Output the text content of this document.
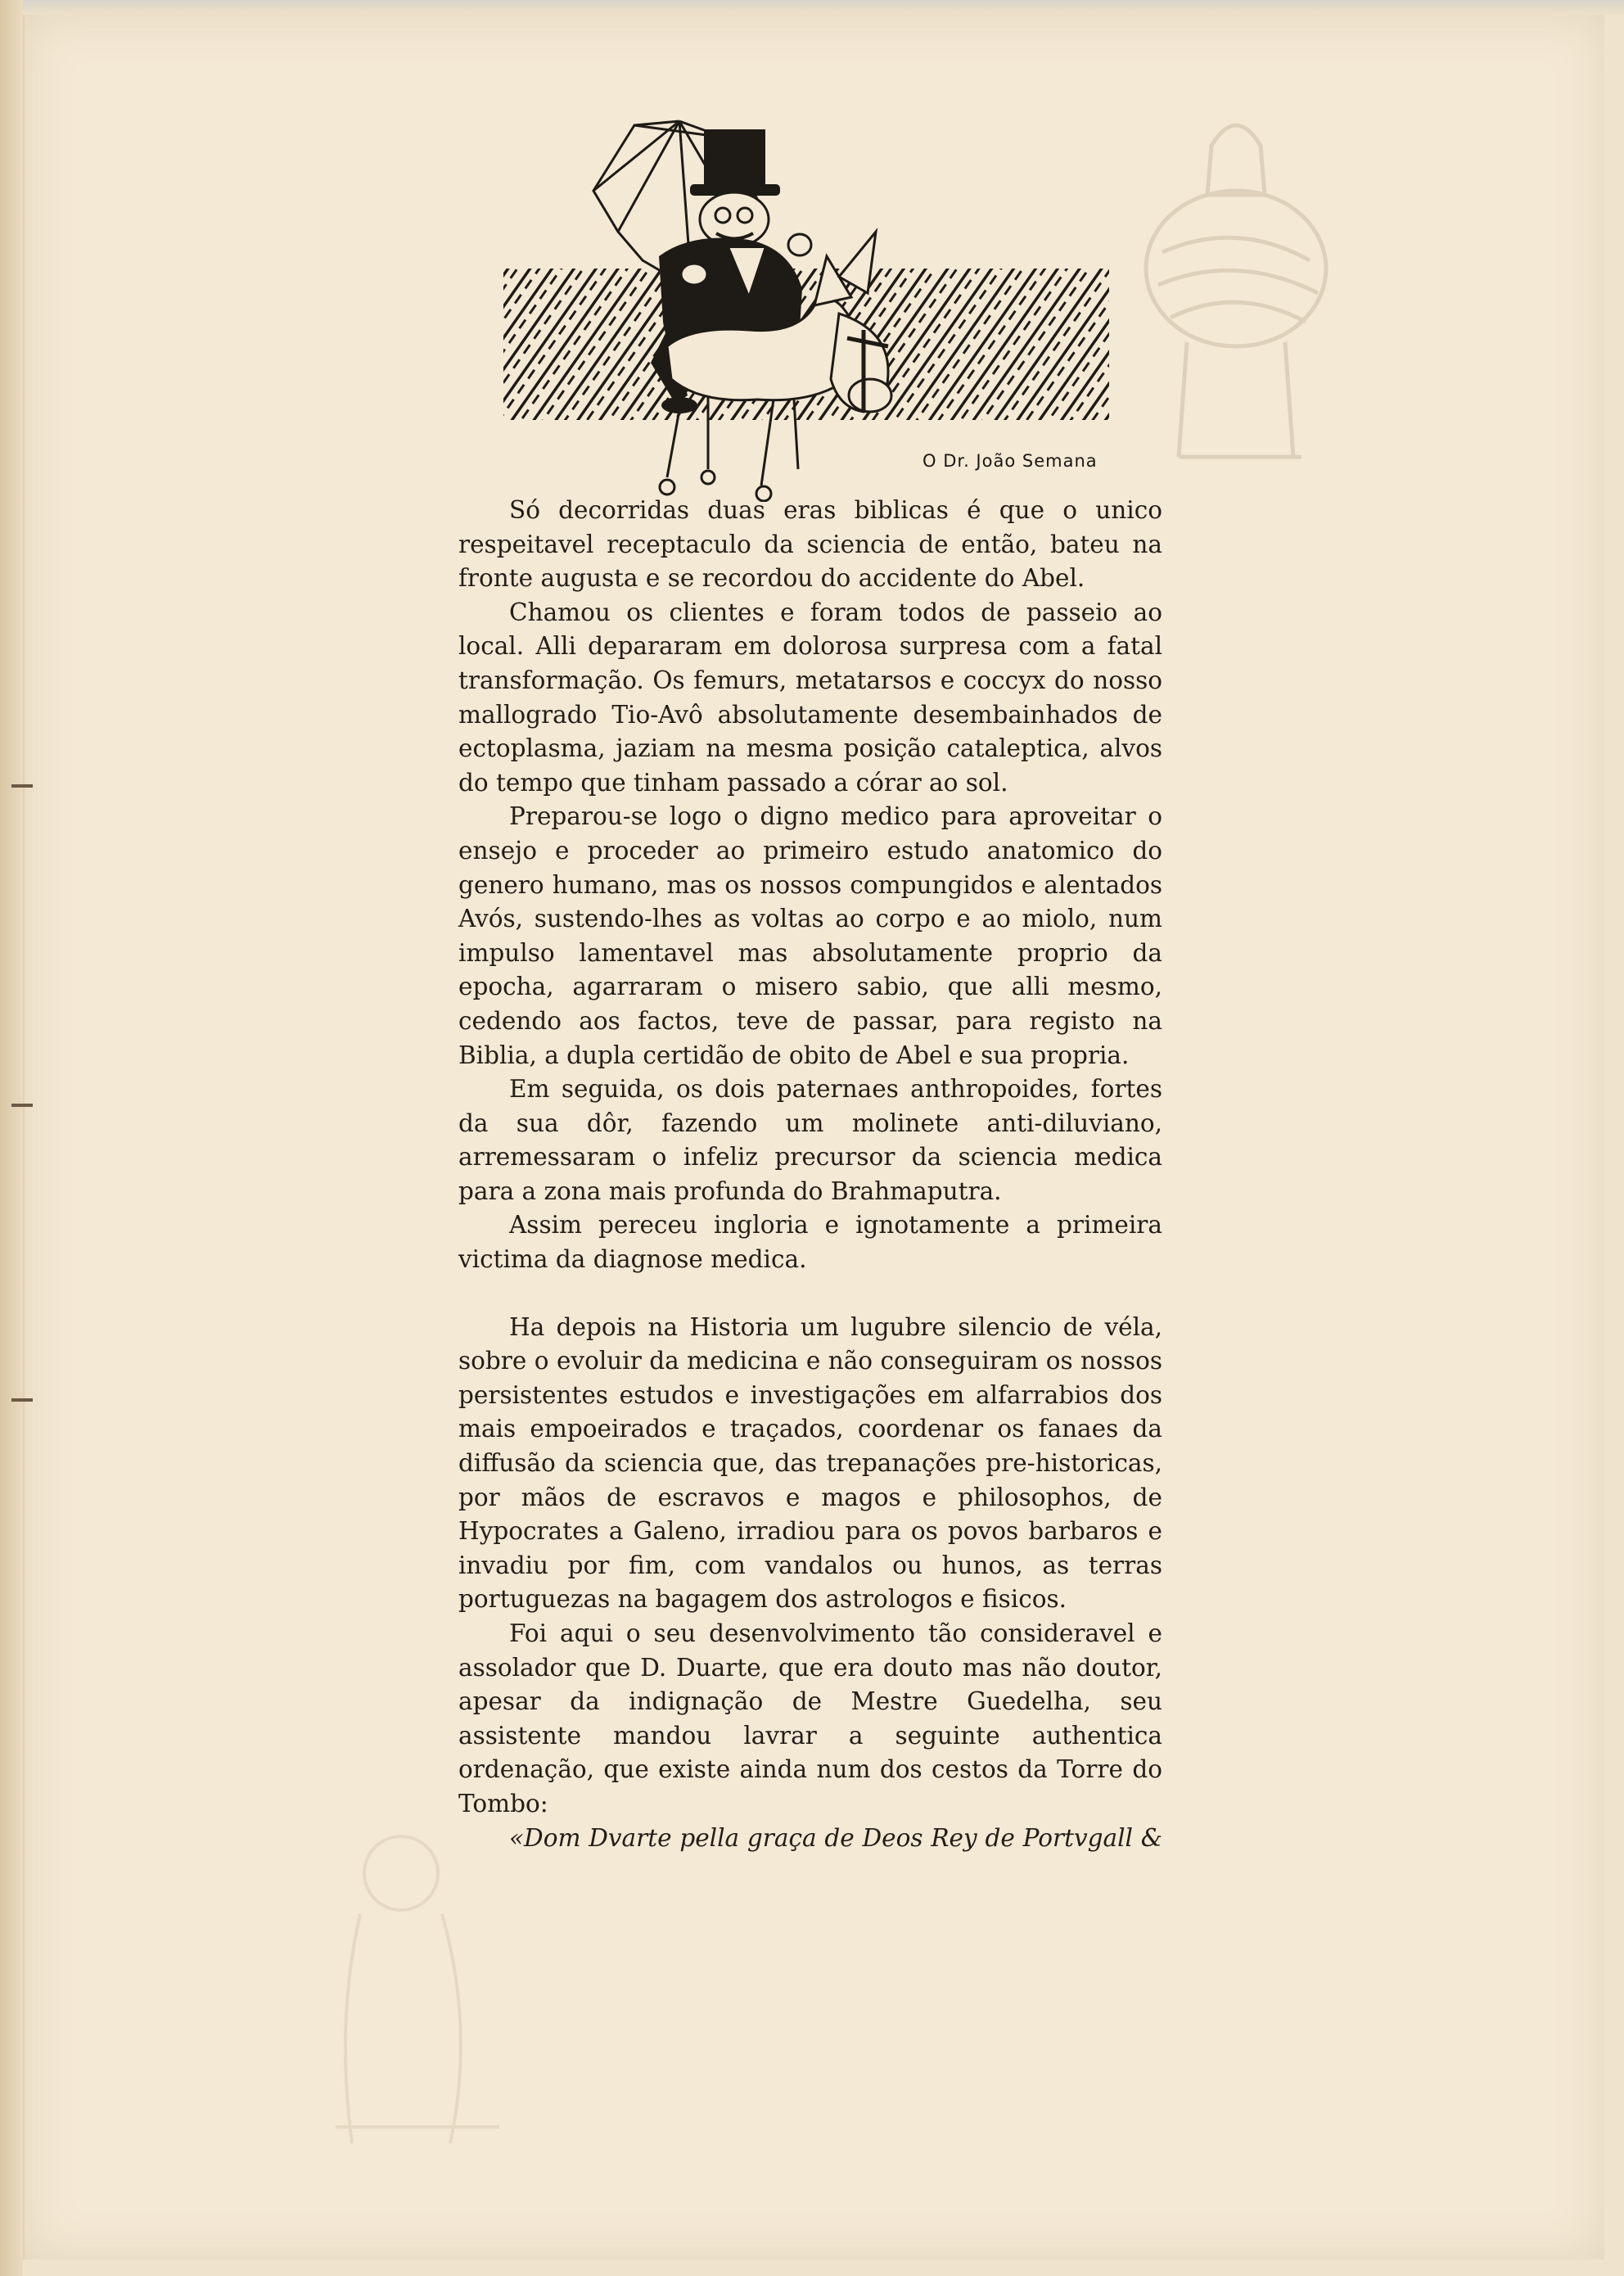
O Dr. João Semana

Só decorridas duas eras biblicas é que o unico respeitavel receptaculo da sciencia de então, bateu na fronte augusta e se recordou do accidente do Abel.

Chamou os clientes e foram todos de passeio ao local. Alli depararam em dolorosa surpresa com a fatal transformação. Os femurs, metatarsos e coccyx do nosso mallogrado Tio-Avô absolutamente desembainhados de ectoplasma, jaziam na mesma posição cataleptica, alvos do tempo que tinham passado a córar ao sol.

Preparou-se logo o digno medico para aproveitar o ensejo e proceder ao primeiro estudo anatomico do genero humano, mas os nossos compungidos e alentados Avós, sustendo-lhes as voltas ao corpo e ao miolo, num impulso lamentavel mas absolutamente proprio da epocha, agarraram o misero sabio, que alli mesmo, cedendo aos factos, teve de passar, para registo na Biblia, a dupla certidão de obito de Abel e sua propria.

Em seguida, os dois paternaes anthropoides, fortes da sua dôr, fazendo um molinete anti-diluviano, arremessaram o infeliz precursor da sciencia medica para a zona mais profunda do Brahmaputra.

Assim pereceu ingloria e ignotamente a primeira victima da diagnose medica.

Ha depois na Historia um lugubre silencio de véla, sobre o evoluir da medicina e não conseguiram os nossos persistentes estudos e investigações em alfarrabios dos mais empoeirados e traçados, coordenar os fanaes da diffusão da sciencia que, das trepanações pre-historicas, por mãos de escravos e magos e philosophos, de Hypocrates a Galeno, irradiou para os povos barbaros e invadiu por fim, com vandalos ou hunos, as terras portuguezas na bagagem dos astrologos e fisicos.

Foi aqui o seu desenvolvimento tão consideravel e assolador que D. Duarte, que era douto mas não doutor, apesar da indignação de Mestre Guedelha, seu assistente mandou lavrar a seguinte authentica ordenação, que existe ainda num dos cestos da Torre do Tombo:

«Dom Dvarte pella graça de Deos Rey de Portvgall &
